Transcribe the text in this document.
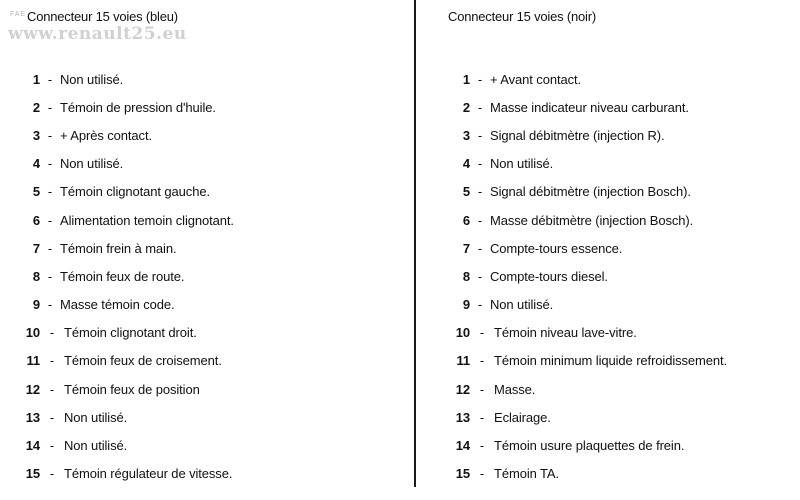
FAE
www.renault25.eu
Connecteur 15 voies (bleu)
1 - Non utilisé.
2 - Témoin de pression d'huile.
3 - + Après contact.
4 - Non utilisé.
5 - Témoin clignotant gauche.
6 - Alimentation temoin clignotant.
7 - Témoin frein à main.
8 - Témoin feux de route.
9 - Masse témoin code.
10 - Témoin clignotant droit.
11 - Témoin feux de croisement.
12 - Témoin feux de position
13 - Non utilisé.
14 - Non utilisé.
15 - Témoin régulateur de vitesse.
Connecteur 15 voies (noir)
1 - + Avant contact.
2 - Masse indicateur niveau carburant.
3 - Signal débitmètre (injection R).
4 - Non utilisé.
5 - Signal débitmètre (injection Bosch).
6 - Masse débitmètre (injection Bosch).
7 - Compte-tours essence.
8 - Compte-tours diesel.
9 - Non utilisé.
10 - Témoin niveau lave-vitre.
11 - Témoin minimum liquide refroidissement.
12 - Masse.
13 - Eclairage.
14 - Témoin usure plaquettes de frein.
15 - Témoin TA.
